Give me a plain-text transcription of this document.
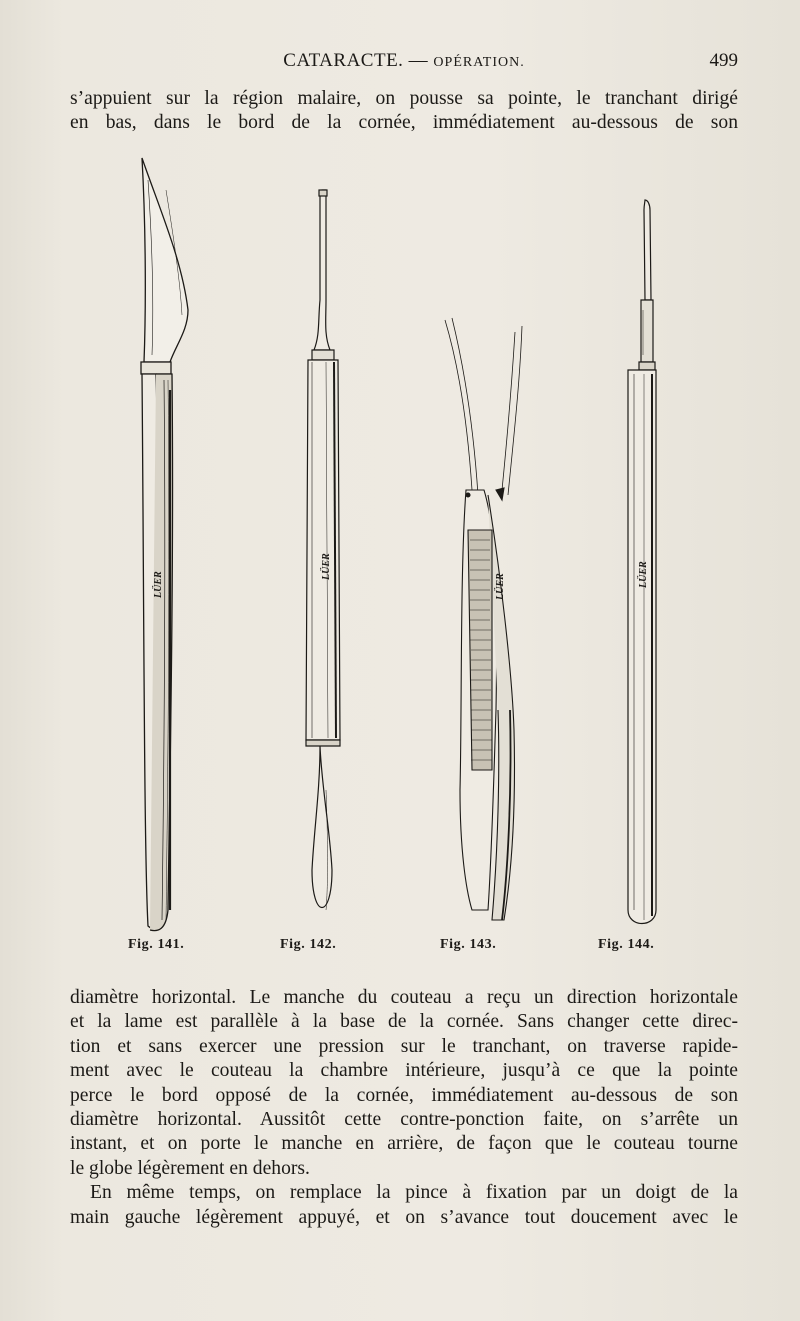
CATARACTE. — OPÉRATION.	499
s’appuient sur la région malaire, on pousse sa pointe, le tranchant dirigé
en bas, dans le bord de la cornée, immédiatement au-dessous de son
LÜER
LÜER
LÜER	LÜER
Fig. 141.	Fig. 142.	Fig. 143.	Fig. 144.

diamètre horizontal. Le manche du couteau a reçu un direction horizontale
et la lame est parallèle à la base de la cornée. Sans changer cette direc-
tion et sans exercer une pression sur le tranchant, on traverse rapide-
ment avec le couteau la chambre intérieure, jusqu’à ce que la pointe
perce le bord opposé de la cornée, immédiatement au-dessous de son
diamètre horizontal. Aussitôt cette contre-ponction faite, on s’arrête un
instant, et on porte le manche en arrière, de façon que le couteau tourne
le globe légèrement en dehors.

En même temps, on remplace la pince à fixation par un doigt de la
main gauche légèrement appuyé, et on s’avance tout doucement avec le
